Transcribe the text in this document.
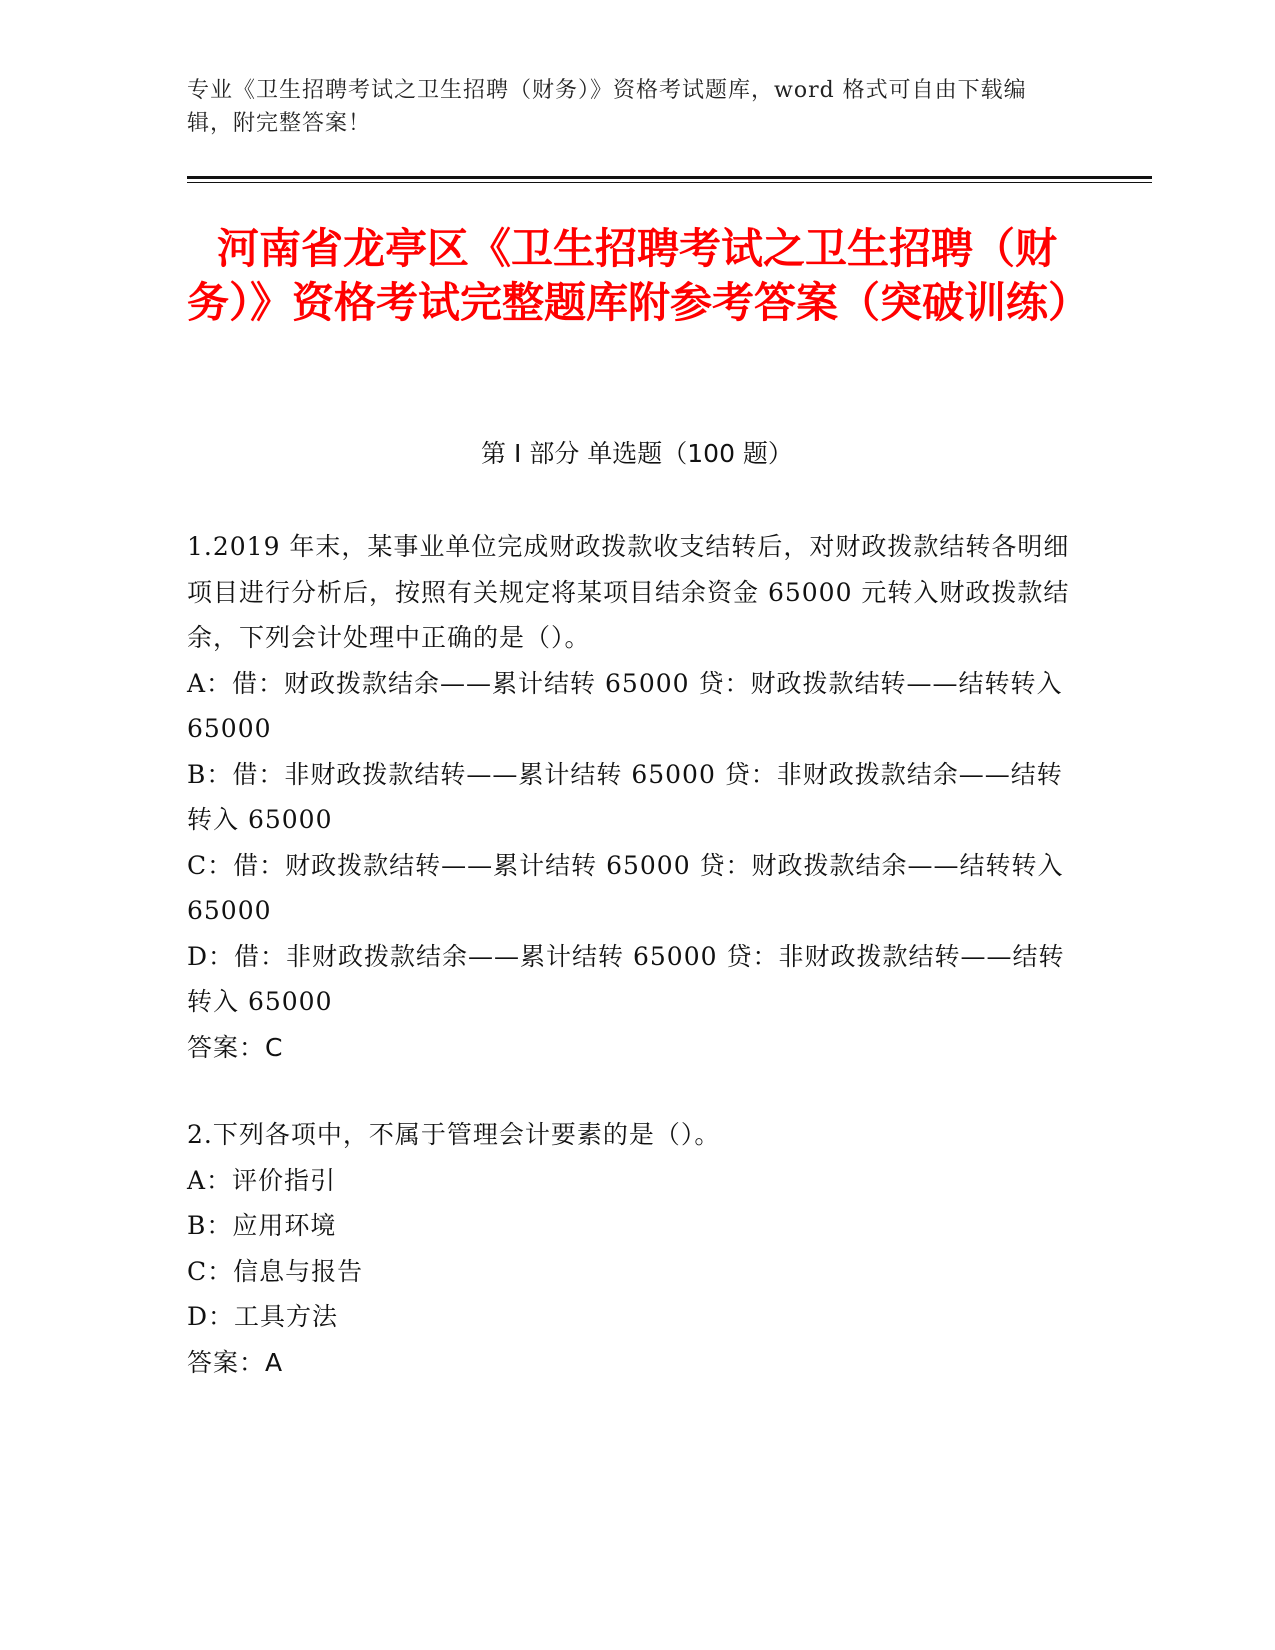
专业《卫生招聘考试之卫生招聘（财务）》资格考试题库，word 格式可自由下载编辑，附完整答案！
河南省龙亭区《卫生招聘考试之卫生招聘（财务）》资格考试完整题库附参考答案（突破训练）
第 I 部分 单选题（100 题）

1.2019 年末，某事业单位完成财政拨款收支结转后，对财政拨款结转各明细项目进行分析后，按照有关规定将某项目结余资金 65000 元转入财政拨款结余，下列会计处理中正确的是（）。

A：借：财政拨款结余——累计结转 65000 贷：财政拨款结转——结转转入 65000

B：借：非财政拨款结转——累计结转 65000 贷：非财政拨款结余——结转转入 65000

C：借：财政拨款结转——累计结转 65000 贷：财政拨款结余——结转转入 65000

D：借：非财政拨款结余——累计结转 65000 贷：非财政拨款结转——结转转入 65000

答案：C

2.下列各项中，不属于管理会计要素的是（）。

A：评价指引

B：应用环境

C：信息与报告

D：工具方法

答案：A
